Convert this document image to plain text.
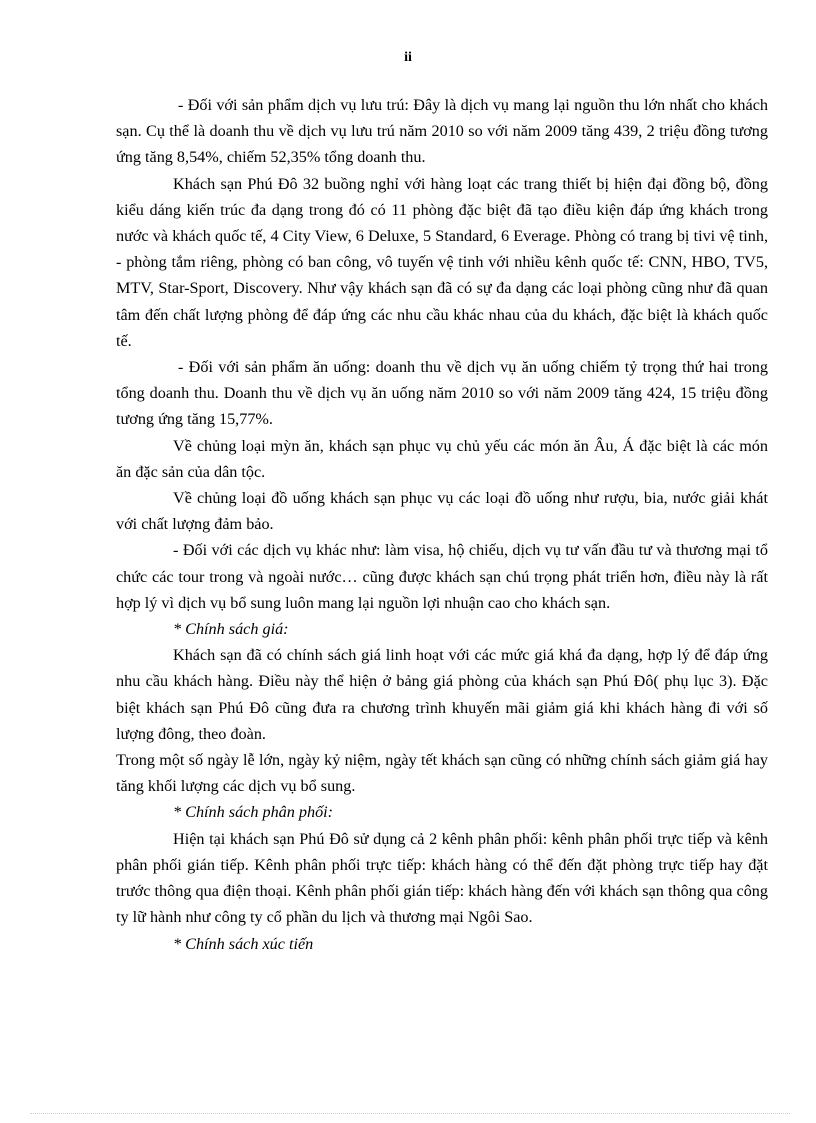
ii

- Đối với sản phẩm dịch vụ lưu trú: Đây là dịch vụ mang lại nguồn thu lớn nhất cho khách sạn. Cụ thể là doanh thu về dịch vụ lưu trú năm 2010 so với năm 2009 tăng 439, 2 triệu đồng tương ứng tăng 8,54%, chiếm 52,35% tổng doanh thu.

Khách sạn Phú Đô 32 buồng nghỉ với hàng loạt các trang thiết bị hiện đại đồng bộ, đồng kiểu dáng kiến trúc đa dạng trong đó có 11 phòng đặc biệt đã tạo điều kiện đáp ứng khách trong nước và khách quốc tế, 4 City View, 6 Deluxe, 5 Standard, 6 Everage. Phòng có trang bị tivi vệ tinh, - phòng tắm riêng, phòng có ban công, vô tuyến vệ tinh với nhiều kênh quốc tế: CNN, HBO, TV5, MTV, Star-Sport, Discovery. Như vậy khách sạn đã có sự đa dạng các loại phòng cũng như đã quan tâm đến chất lượng phòng để đáp ứng các nhu cầu khác nhau của du khách, đặc biệt là khách quốc tế.

- Đối với sản phẩm ăn uống: doanh thu về dịch vụ ăn uống chiếm tỷ trọng thứ hai trong tổng doanh thu. Doanh thu về dịch vụ ăn uống năm 2010 so với năm 2009 tăng 424, 15 triệu đồng tương ứng tăng 15,77%.

Về chủng loại mỳn ăn, khách sạn phục vụ chủ yếu các món ăn Âu, Á đặc biệt là các món ăn đặc sản của dân tộc.

Về chủng loại đồ uống khách sạn phục vụ các loại đồ uống như rượu, bia, nước giải khát với chất lượng đảm bảo.

- Đối với các dịch vụ khác như: làm visa, hộ chiếu, dịch vụ tư vấn đầu tư và thương mại tổ chức các tour trong và ngoài nước… cũng được khách sạn chú trọng phát triển hơn, điều này là rất hợp lý vì dịch vụ bổ sung luôn mang lại nguồn lợi nhuận cao cho khách sạn.

* Chính sách giá:

Khách sạn đã có chính sách giá linh hoạt với các mức giá khá đa dạng, hợp lý để đáp ứng nhu cầu khách hàng. Điều này thể hiện ở bảng giá phòng của khách sạn Phú Đô( phụ lục 3). Đặc biệt khách sạn Phú Đô cũng đưa ra chương trình khuyến mãi giảm giá khi khách hàng đi với số lượng đông, theo đoàn.

Trong một số ngày lễ lớn, ngày kỷ niệm, ngày tết khách sạn cũng có những chính sách giảm giá hay tăng khối lượng các dịch vụ bổ sung.

* Chính sách phân phối:

Hiện tại khách sạn Phú Đô sử dụng cả 2 kênh phân phối: kênh phân phối trực tiếp và kênh phân phối gián tiếp. Kênh phân phối trực tiếp: khách hàng có thể đến đặt phòng trực tiếp hay đặt trước thông qua điện thoại. Kênh phân phối gián tiếp: khách hàng đến với khách sạn thông qua công ty lữ hành như công ty cổ phần du lịch và thương mại Ngôi Sao.

* Chính sách xúc tiến
